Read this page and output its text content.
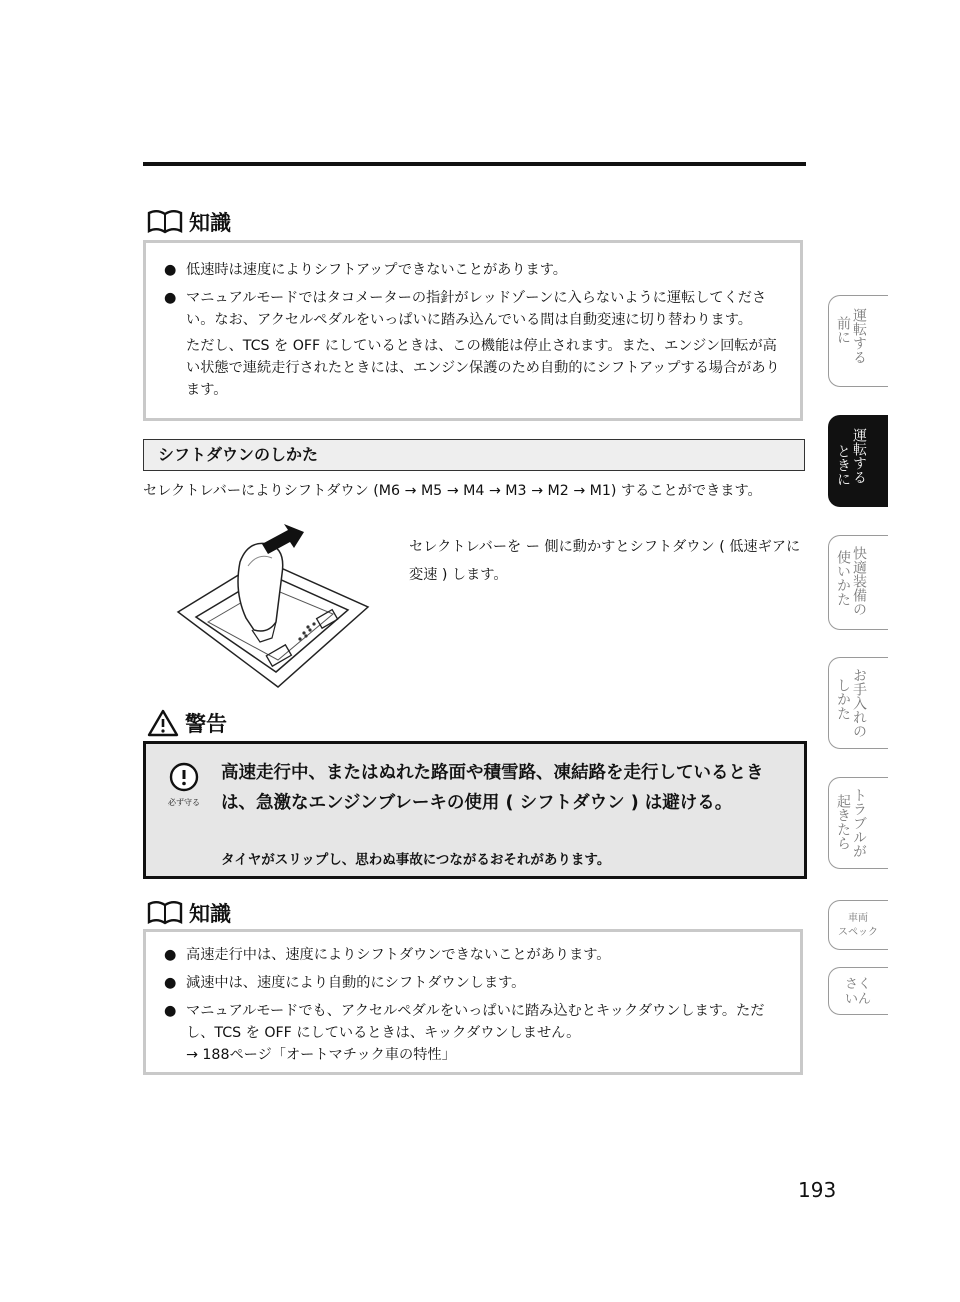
知識
● 低速時は速度によりシフトアップできないことがあります。
● マニュアルモードではタコメーターの指針がレッドゾーンに入らないように運転してください。なお、アクセルペダルをいっぱいに踏み込んでいる間は自動変速に切り替わります。

ただし、TCS を OFF にしているときは、この機能は停止されます。また、エンジン回転が高い状態で連続走行されたときには、エンジン保護のため自動的にシフトアップする場合があります。

シフトダウンのしかた
セレクトレバーによりシフトダウン (M6 → M5 → M4 → M3 → M2 → M1) することができます。
セレクトレバーを ー 側に動かすとシフトダウン ( 低速ギアに変速 ) します。
警告
必ず守る
高速走行中、またはぬれた路面や積雪路、凍結路を走行しているときは、急激なエンジンブレーキの使用 ( シフトダウン ) は避ける。
タイヤがスリップし、思わぬ事故につながるおそれがあります。
知識
● 高速走行中は、速度によりシフトダウンできないことがあります。
● 減速中は、速度により自動的にシフトダウンします。
● マニュアルモードでも、アクセルペダルをいっぱいに踏み込むとキックダウンします。ただし、TCS を OFF にしているときは、キックダウンしません。

→ 188ページ「オートマチック車の特性」

運転する
前に
運転する
ときに
快適装備の
使いかた
お手入れの
しかた
トラブルが
起きたら
車両
スペック
さく
いん
193
